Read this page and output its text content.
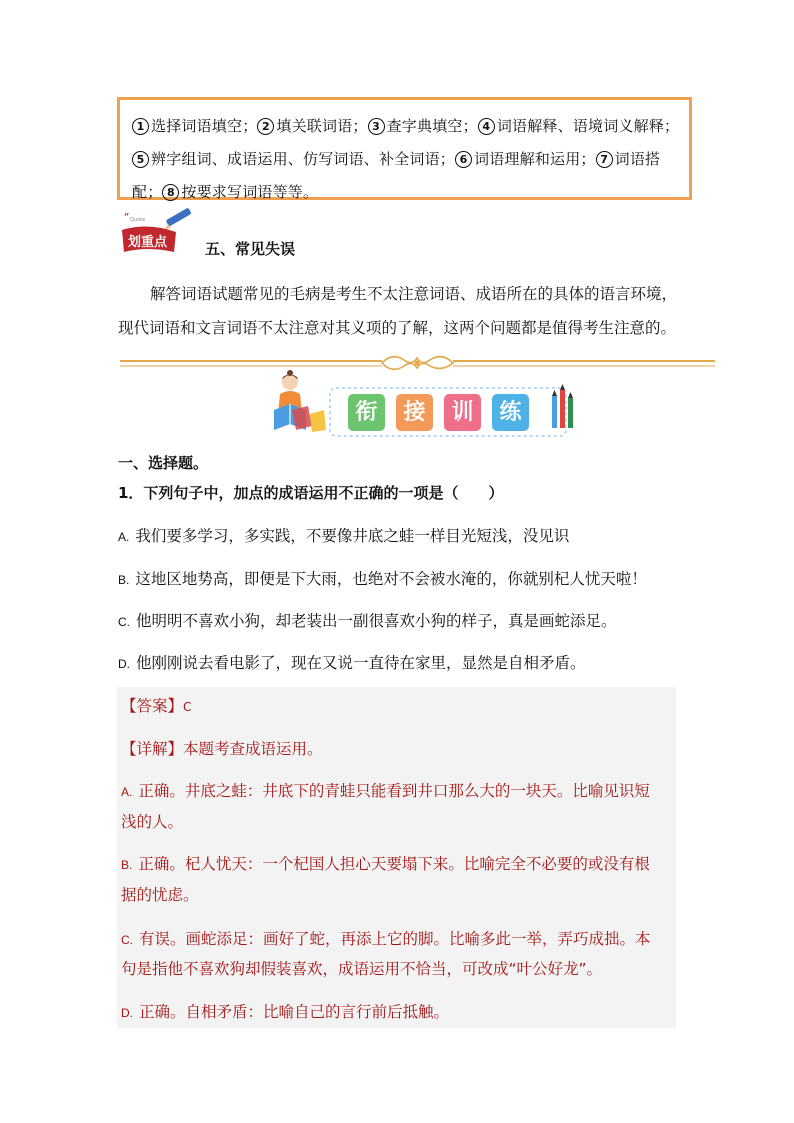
1 选择词语填空； 2 填关联词语； 3 查字典填空； 4 词语解释、语境词义解释；

5 辨字组词、成语运用、仿写词语、补全词语； 6 词语理解和运用； 7 词语搭

配； 8 按要求写词语等等。

“ Quote
划重点	五、常见失误

解答词语试题常见的毛病是考生不太注意词语、成语所在的具体的语言环境，

现代词语和文言词语不太注意对其义项的了解，这两个问题都是值得考生注意的。

衔	接	训	练
一、选择题。
1．下列句子中，加点的成语运用不正确的一项是（　　）
A. 我们要多学习，多实践，不要像井底之蛙一样目光短浅，没见识
B. 这地区地势高，即便是下大雨，也绝对不会被水淹的，你就别杞人忧天啦！
C. 他明明不喜欢小狗，却老装出一副很喜欢小狗的样子，真是画蛇添足。
D. 他刚刚说去看电影了，现在又说一直待在家里，显然是自相矛盾。
【答案】C
【详解】本题考查成语运用。
A. 正确。井底之蛙：井底下的青蛙只能看到井口那么大的一块天。比喻见识短
浅的人。
B. 正确。杞人忧天：一个杞国人担心天要塌下来。比喻完全不必要的或没有根
据的忧虑。
C. 有误。画蛇添足：画好了蛇，再添上它的脚。比喻多此一举，弄巧成拙。本
句是指他不喜欢狗却假装喜欢，成语运用不恰当，可改成“叶公好龙”。
D. 正确。自相矛盾：比喻自己的言行前后抵触。
